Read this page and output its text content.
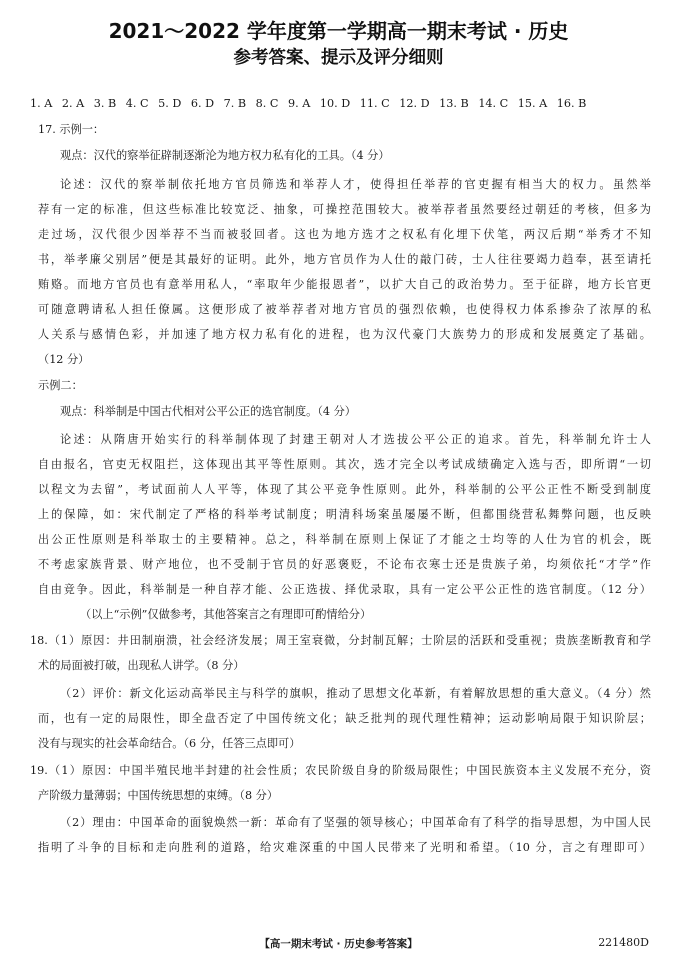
2021～2022 学年度第一学期高一期末考试 · 历史
参考答案、提示及评分细则
1. A 2. A 3. B 4. C 5. D 6. D 7. B 8. C 9. A 10. D 11. C 12. D 13. B 14. C 15. A 16. B
17. 示例一：
观点：汉代的察举征辟制逐渐沦为地方权力私有化的工具。（4 分）
论述：汉代的察举制依托地方官员筛选和举荐人才，使得担任举荐的官吏握有相当大的权力。虽然举
荐有一定的标准，但这些标准比较宽泛、抽象，可操控范围较大。被举荐者虽然要经过朝廷的考核，但多为
走过场，汉代很少因举荐不当而被驳回者。这也为地方选才之权私有化埋下伏笔，两汉后期“举秀才不知
书，举孝廉父别居”便是其最好的证明。此外，地方官员作为人仕的敲门砖，士人往往要竭力趋奉，甚至请托
贿赂。而地方官员也有意举用私人，“率取年少能报恩者”，以扩大自己的政治势力。至于征辟，地方长官更
可随意聘请私人担任僚属。这便形成了被举荐者对地方官员的强烈依赖，也使得权力体系掺杂了浓厚的私
人关系与感情色彩，并加速了地方权力私有化的进程，也为汉代豪门大族势力的形成和发展奠定了基础。
（12 分）
示例二：
观点：科举制是中国古代相对公平公正的选官制度。（4 分）
论述：从隋唐开始实行的科举制体现了封建王朝对人才选拔公平公正的追求。首先，科举制允许士人
自由报名，官吏无权阻拦，这体现出其平等性原则。其次，选才完全以考试成绩确定入选与否，即所谓“一切
以程文为去留”，考试面前人人平等，体现了其公平竞争性原则。此外，科举制的公平公正性不断受到制度
上的保障，如：宋代制定了严格的科举考试制度；明清科场案虽屡屡不断，但都围绕营私舞弊问题，也反映
出公正性原则是科举取士的主要精神。总之，科举制在原则上保证了才能之士均等的人仕为官的机会，既
不考虑家族背景、财产地位，也不受制于官员的好恶褒贬，不论布衣寒士还是贵族子弟，均须依托“才学”作
自由竞争。因此，科举制是一种自荐才能、公正选拔、择优录取，具有一定公平公正性的选官制度。（12 分）
（以上“示例”仅做参考，其他答案言之有理即可酌情给分）
18.（1）原因：井田制崩溃，社会经济发展；周王室衰微，分封制瓦解；士阶层的活跃和受重视；贵族垄断教育和学
术的局面被打破，出现私人讲学。（8 分）
（2）评价：新文化运动高举民主与科学的旗帜，推动了思想文化革新，有着解放思想的重大意义。（4 分）然
而，也有一定的局限性，即全盘否定了中国传统文化；缺乏批判的现代理性精神；运动影响局限于知识阶层；
没有与现实的社会革命结合。（6 分，任答三点即可）
19.（1）原因：中国半殖民地半封建的社会性质；农民阶级自身的阶级局限性；中国民族资本主义发展不充分，资
产阶级力量薄弱；中国传统思想的束缚。（8 分）
（2）理由：中国革命的面貌焕然一新：革命有了坚强的领导核心；中国革命有了科学的指导思想，为中国人民
指明了斗争的目标和走向胜利的道路，给灾难深重的中国人民带来了光明和希望。（10 分，言之有理即可）
【高一期末考试 · 历史参考答案】	221480D
